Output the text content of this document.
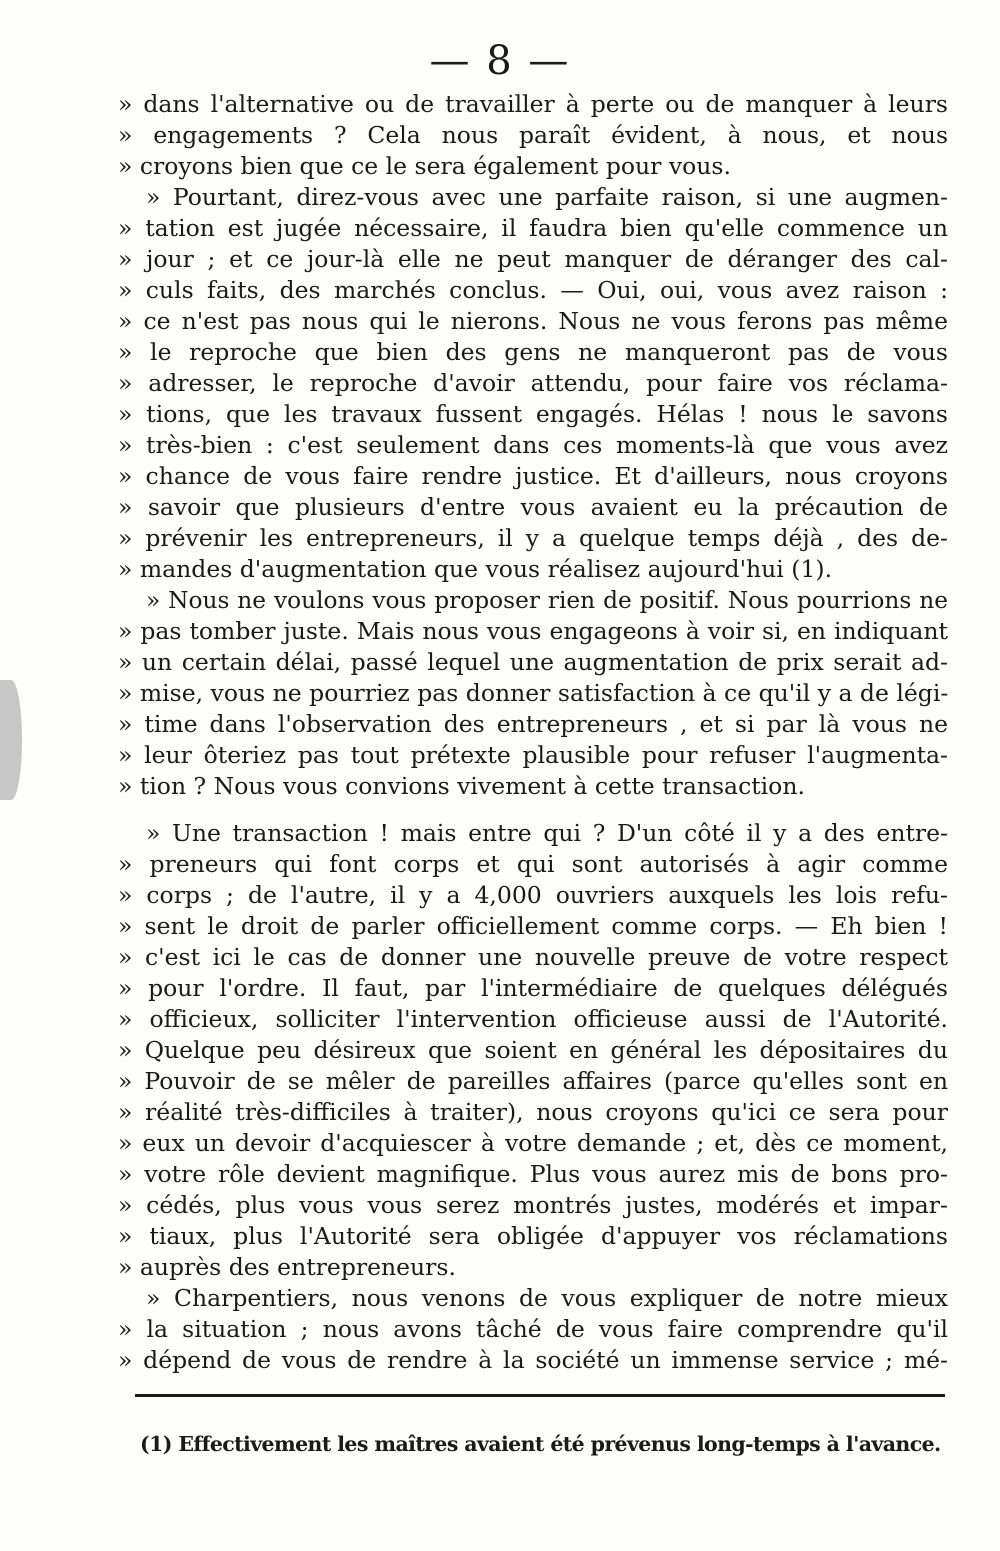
— 8 —
» dans l'alternative ou de travailler à perte ou de manquer à leurs
» engagements ? Cela nous paraît évident, à nous, et nous
» croyons bien que ce le sera également pour vous.
» Pourtant, direz-vous avec une parfaite raison, si une augmen-
» tation est jugée nécessaire, il faudra bien qu'elle commence un
» jour ; et ce jour-là elle ne peut manquer de déranger des cal-
» culs faits, des marchés conclus. — Oui, oui, vous avez raison :
» ce n'est pas nous qui le nierons. Nous ne vous ferons pas même
» le reproche que bien des gens ne manqueront pas de vous
» adresser, le reproche d'avoir attendu, pour faire vos réclama-
» tions, que les travaux fussent engagés. Hélas ! nous le savons
» très-bien : c'est seulement dans ces moments-là que vous avez
» chance de vous faire rendre justice. Et d'ailleurs, nous croyons
» savoir que plusieurs d'entre vous avaient eu la précaution de
» prévenir les entrepreneurs, il y a quelque temps déjà , des de-
» mandes d'augmentation que vous réalisez aujourd'hui (1).
» Nous ne voulons vous proposer rien de positif. Nous pourrions ne
» pas tomber juste. Mais nous vous engageons à voir si, en indiquant
» un certain délai, passé lequel une augmentation de prix serait ad-
» mise, vous ne pourriez pas donner satisfaction à ce qu'il y a de légi-
» time dans l'observation des entrepreneurs , et si par là vous ne
» leur ôteriez pas tout prétexte plausible pour refuser l'augmenta-
» tion ? Nous vous convions vivement à cette transaction.
» Une transaction ! mais entre qui ? D'un côté il y a des entre-
» preneurs qui font corps et qui sont autorisés à agir comme
» corps ; de l'autre, il y a 4,000 ouvriers auxquels les lois refu-
» sent le droit de parler officiellement comme corps. — Eh bien !
» c'est ici le cas de donner une nouvelle preuve de votre respect
» pour l'ordre. Il faut, par l'intermédiaire de quelques délégués
» officieux, solliciter l'intervention officieuse aussi de l'Autorité.
» Quelque peu désireux que soient en général les dépositaires du
» Pouvoir de se mêler de pareilles affaires (parce qu'elles sont en
» réalité très-difficiles à traiter), nous croyons qu'ici ce sera pour
» eux un devoir d'acquiescer à votre demande ; et, dès ce moment,
» votre rôle devient magnifique. Plus vous aurez mis de bons pro-
» cédés, plus vous vous serez montrés justes, modérés et impar-
» tiaux, plus l'Autorité sera obligée d'appuyer vos réclamations
» auprès des entrepreneurs.
» Charpentiers, nous venons de vous expliquer de notre mieux
» la situation ; nous avons tâché de vous faire comprendre qu'il
» dépend de vous de rendre à la société un immense service ; mé-
(1) Effectivement les maîtres avaient été prévenus long-temps à l'avance.
